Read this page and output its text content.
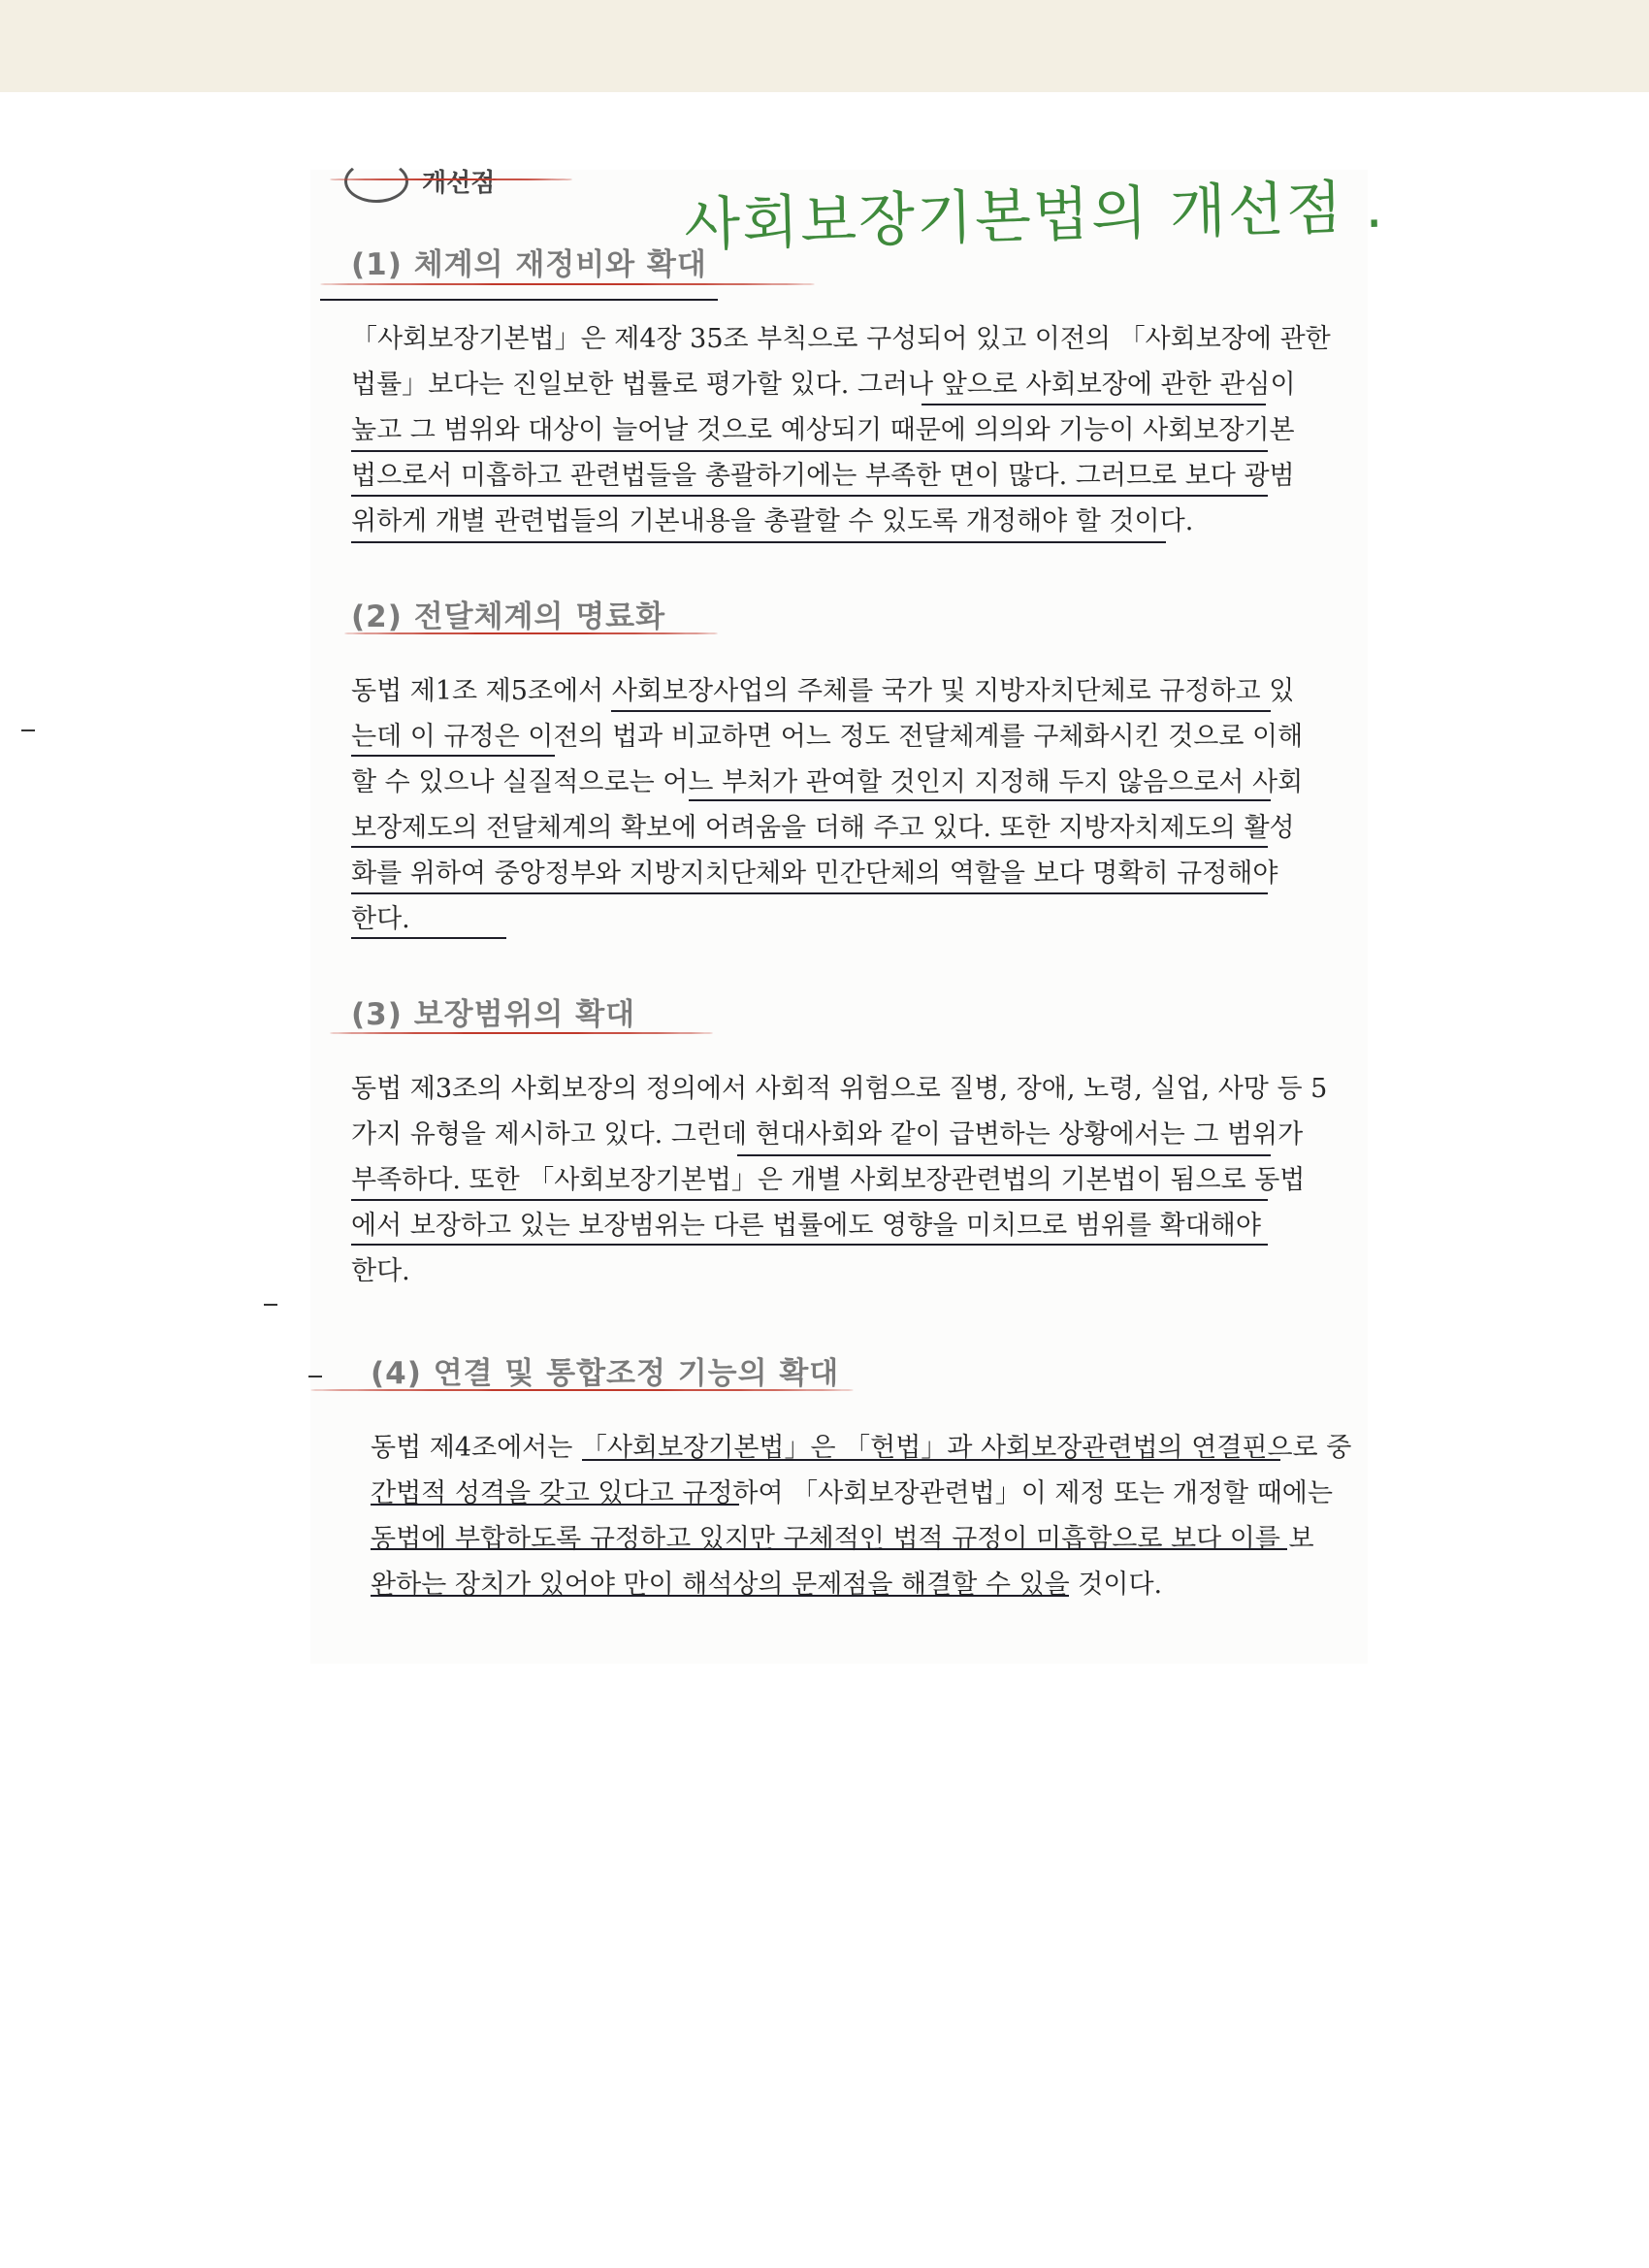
개선점	사회보장기본법의 개선점 .
(1) 체계의 재정비와 확대
「사회보장기본법」은 제4장 35조 부칙으로 구성되어 있고 이전의 「사회보장에 관한
법률」보다는 진일보한 법률로 평가할 있다. 그러나 앞으로 사회보장에 관한 관심이
높고 그 범위와 대상이 늘어날 것으로 예상되기 때문에 의의와 기능이 사회보장기본
법으로서 미흡하고 관련법들을 총괄하기에는 부족한 면이 많다. 그러므로 보다 광범
위하게 개별 관련법들의 기본내용을 총괄할 수 있도록 개정해야 할 것이다.
(2) 전달체계의 명료화
동법 제1조 제5조에서 사회보장사업의 주체를 국가 및 지방자치단체로 규정하고 있
는데 이 규정은 이전의 법과 비교하면 어느 정도 전달체계를 구체화시킨 것으로 이해
할 수 있으나 실질적으로는 어느 부처가 관여할 것인지 지정해 두지 않음으로서 사회
보장제도의 전달체계의 확보에 어려움을 더해 주고 있다. 또한 지방자치제도의 활성
화를 위하여 중앙정부와 지방지치단체와 민간단체의 역할을 보다 명확히 규정해야
한다.
(3) 보장범위의 확대
동법 제3조의 사회보장의 정의에서 사회적 위험으로 질병, 장애, 노령, 실업, 사망 등 5
가지 유형을 제시하고 있다. 그런데 현대사회와 같이 급변하는 상황에서는 그 범위가
부족하다. 또한 「사회보장기본법」은 개별 사회보장관련법의 기본법이 됨으로 동법
에서 보장하고 있는 보장범위는 다른 법률에도 영향을 미치므로 범위를 확대해야
한다.
(4) 연결 및 통합조정 기능의 확대
동법 제4조에서는 「사회보장기본법」은 「헌법」과 사회보장관련법의 연결핀으로 중
간법적 성격을 갖고 있다고 규정하여 「사회보장관련법」이 제정 또는 개정할 때에는
동법에 부합하도록 규정하고 있지만 구체적인 법적 규정이 미흡함으로 보다 이를 보
완하는 장치가 있어야 만이 해석상의 문제점을 해결할 수 있을 것이다.
